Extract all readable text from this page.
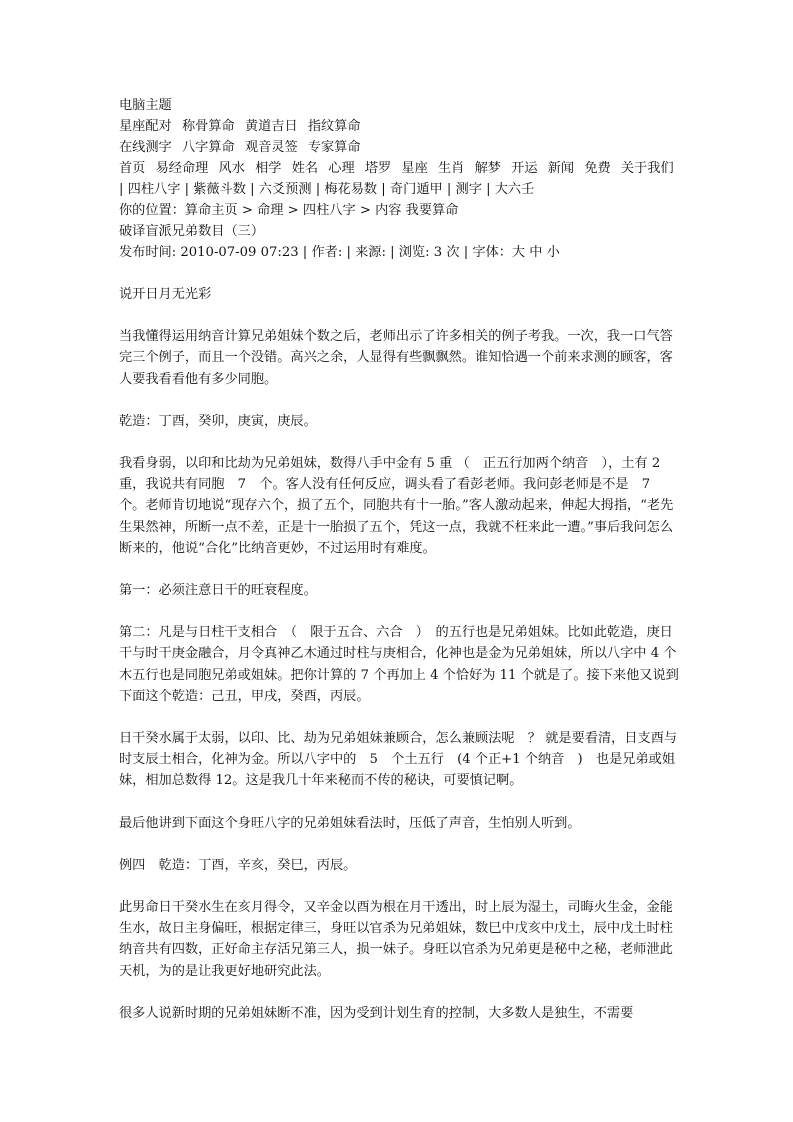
电脑主题
星座配对 称骨算命 黄道吉日 指纹算命
在线测字 八字算命 观音灵签 专家算命
首页 易经命理 风水 相学 姓名 心理 塔罗 星座 生肖 解梦 开运 新闻 免费 关于我们
| 四柱八字 | 紫薇斗数 | 六爻预测 | 梅花易数 | 奇门遁甲 | 测字 | 大六壬
你的位置：算命主页 > 命理 > 四柱八字 > 内容 我要算命
破译盲派兄弟数目（三）
发布时间: 2010-07-09 07:23 | 作者: | 来源: | 浏览: 3 次 | 字体：大 中 小
说开日月无光彩
当我懂得运用纳音计算兄弟姐妹个数之后，老师出示了许多相关的例子考我。一次，我一口气答完三个例子，而且一个没错。高兴之余，人显得有些飘飘然。谁知恰遇一个前来求测的顾客，客人要我看看他有多少同胞。
乾造：丁酉，癸卯，庚寅，庚辰。
我看身弱，以印和比劫为兄弟姐妹，数得八手中金有 5 重 （　正五行加两个纳音　），土有 2 重，我说共有同胞　7　个。客人没有任何反应，调头看了看彭老师。我问彭老师是不是　7　个。老师肯切地说“现存六个，损了五个，同胞共有十一胎。”客人激动起来，伸起大拇指，“老先生果然神，所断一点不差，正是十一胎损了五个，凭这一点，我就不枉来此一遭。”事后我问怎么断来的，他说“合化”比纳音更妙，不过运用时有难度。
第一：必须注意日干的旺衰程度。
第二：凡是与日柱干支相合　（　限于五合、六合　）　的五行也是兄弟姐妹。比如此乾造，庚日干与时干庚金融合，月令真神乙木通过时柱与庚相合，化神也是金为兄弟姐妹，所以八字中 4 个木五行也是同胞兄弟或姐妹。把你计算的 7 个再加上 4 个恰好为 11 个就是了。接下来他又说到下面这个乾造：己丑，甲戌，癸酉，丙辰。
日干癸水属于太弱，以印、比、劫为兄弟姐妹兼顾合，怎么兼顾法呢　？ 就是要看清，日支酉与时支辰土相合，化神为金。所以八字中的　5　个土五行　(4 个正+1 个纳音　)　也是兄弟或姐妹，相加总数得 12。这是我几十年来秘而不传的秘诀，可要慎记啊。
最后他讲到下面这个身旺八字的兄弟姐妹看法时，压低了声音，生怕别人听到。
例四　乾造：丁酉，辛亥，癸巳，丙辰。
此男命日干癸水生在亥月得令，又辛金以酉为根在月干透出，时上辰为湿土，司晦火生金，金能生水，故日主身偏旺，根据定律三，身旺以官杀为兄弟姐妹，数巳中戊亥中戊土，辰中戊土时柱纳音共有四数，正好命主存活兄第三人，损一妹子。身旺以官杀为兄弟更是秘中之秘，老师泄此天机，为的是让我更好地研究此法。
很多人说新时期的兄弟姐妹断不准，因为受到计划生育的控制，大多数人是独生，不需要
